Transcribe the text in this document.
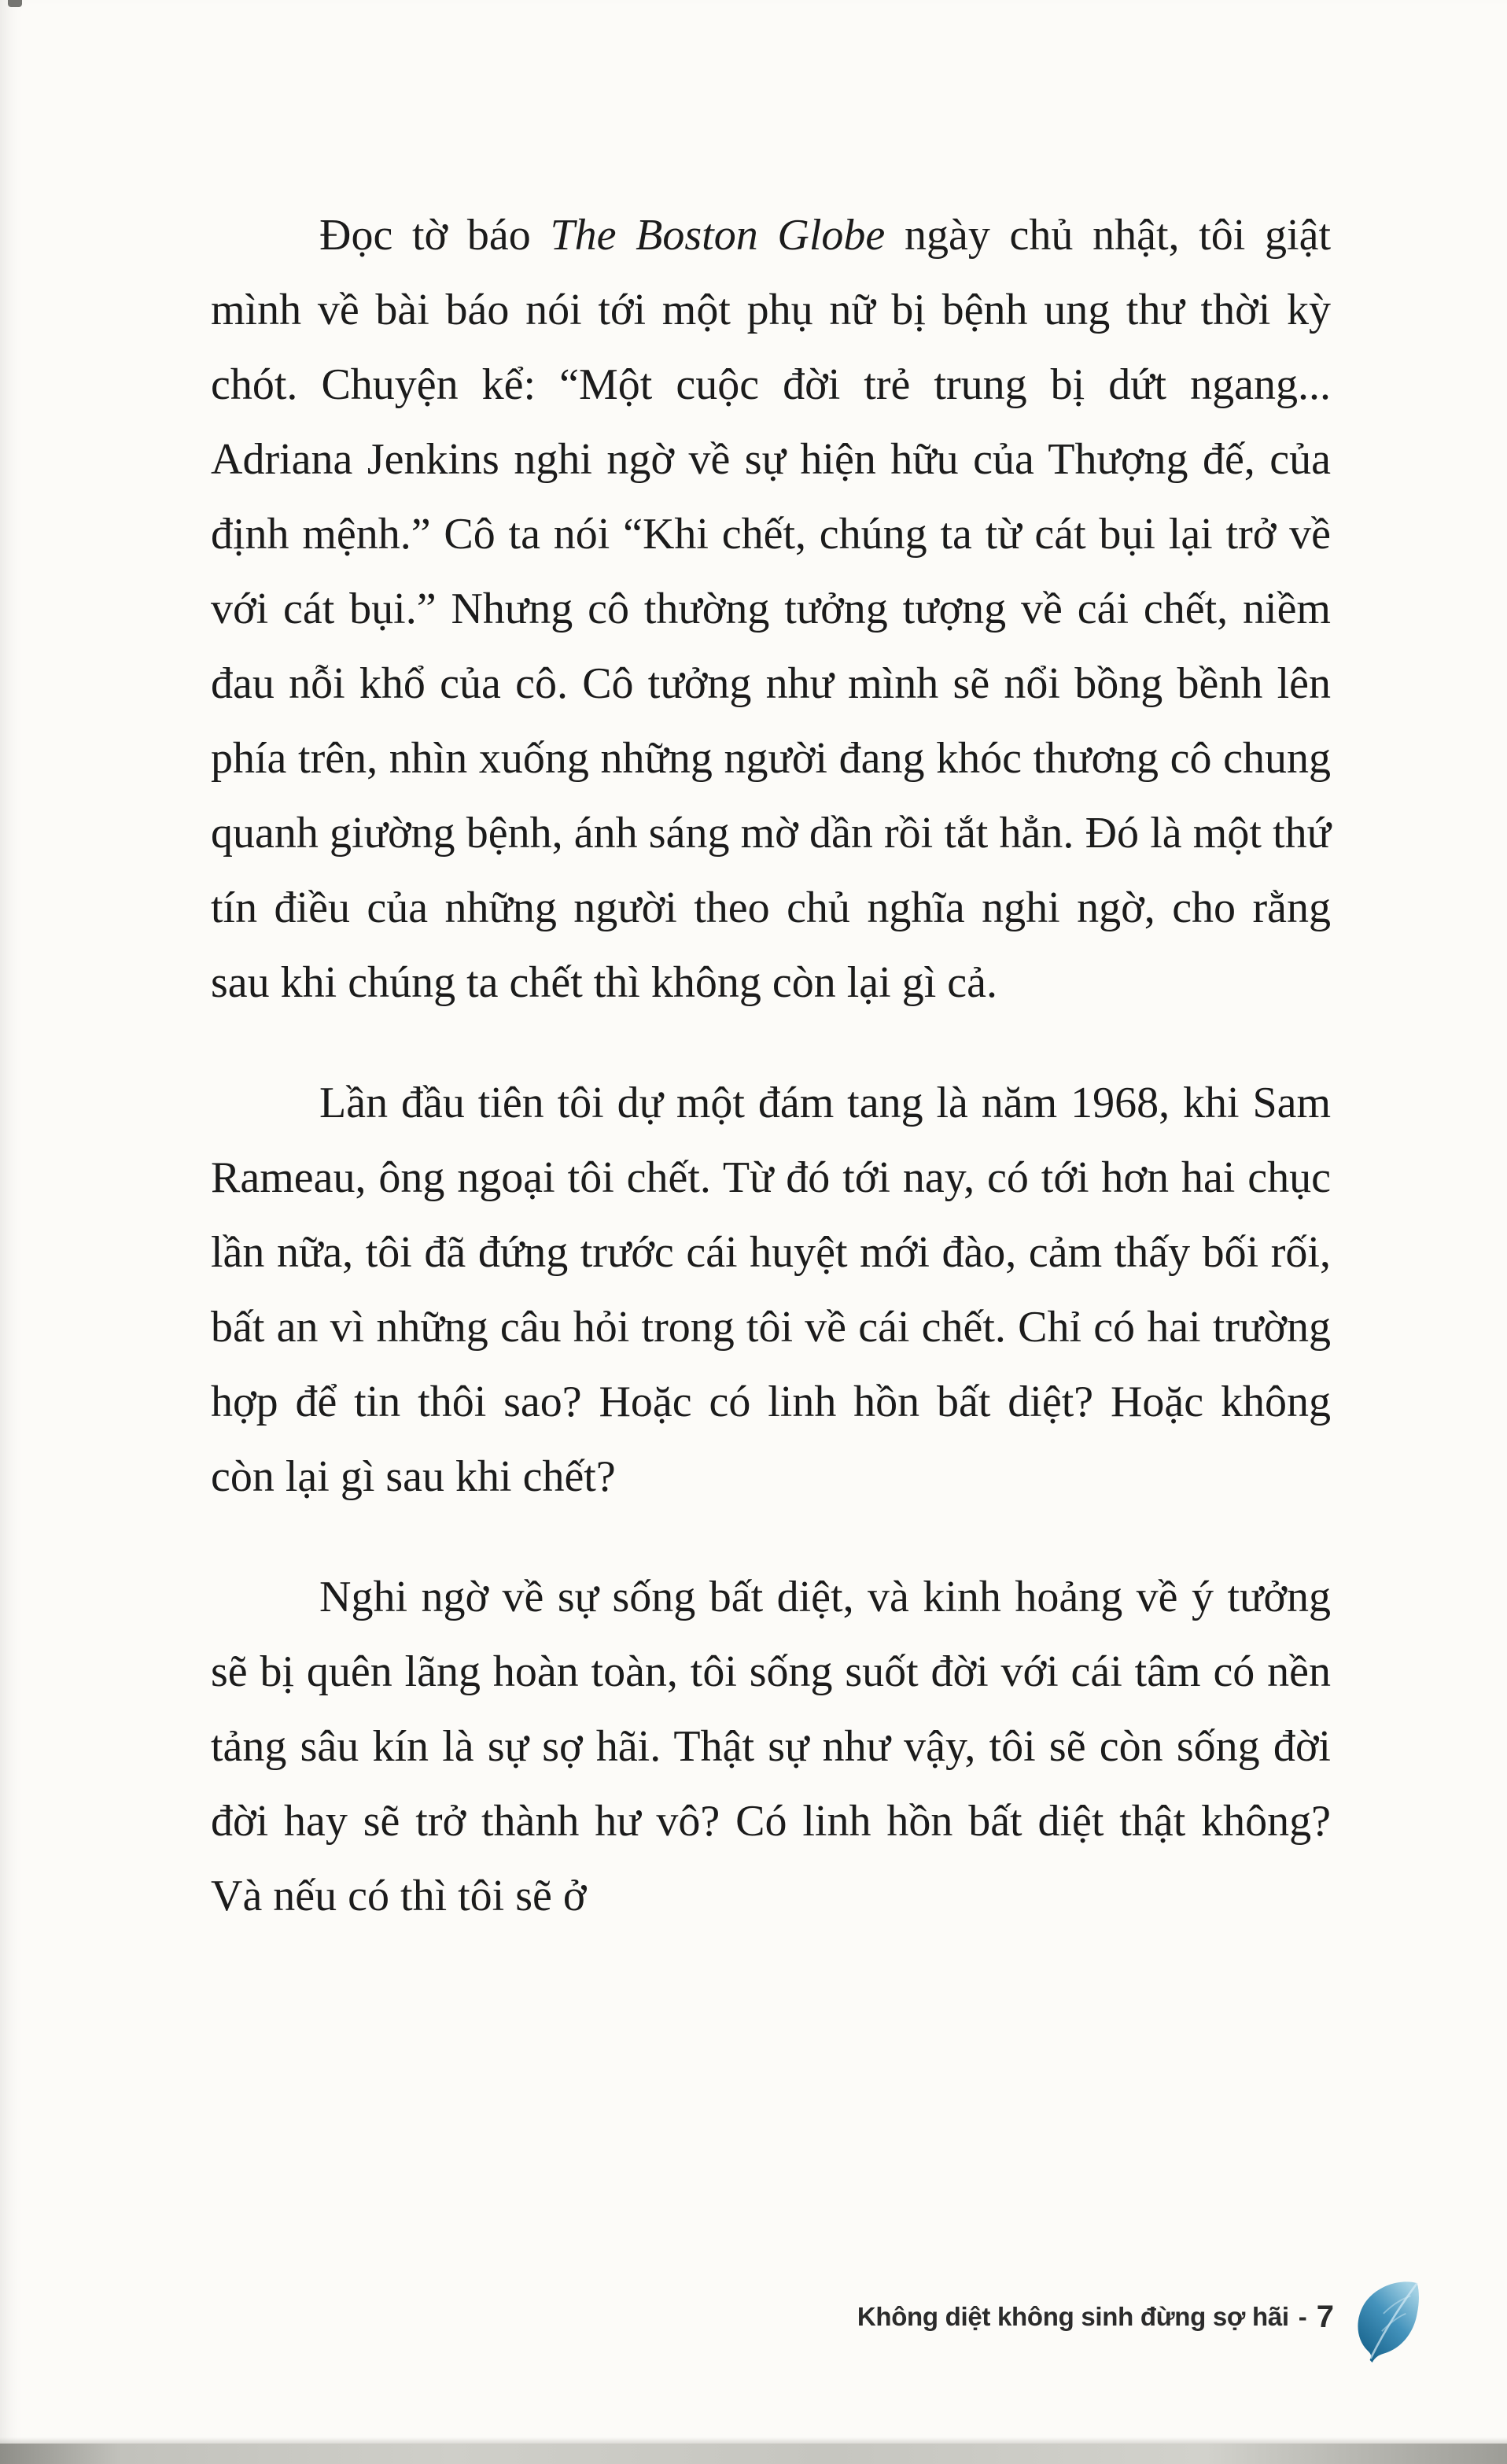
Đọc tờ báo The Boston Globe ngày chủ nhật, tôi giật mình về bài báo nói tới một phụ nữ bị bệnh ung thư thời kỳ chót. Chuyện kể: “Một cuộc đời trẻ trung bị dứt ngang... Adriana Jenkins nghi ngờ về sự hiện hữu của Thượng đế, của định mệnh.” Cô ta nói “Khi chết, chúng ta từ cát bụi lại trở về với cát bụi.” Nhưng cô thường tưởng tượng về cái chết, niềm đau nỗi khổ của cô. Cô tưởng như mình sẽ nổi bồng bềnh lên phía trên, nhìn xuống những người đang khóc thương cô chung quanh giường bệnh, ánh sáng mờ dần rồi tắt hẳn. Đó là một thứ tín điều của những người theo chủ nghĩa nghi ngờ, cho rằng sau khi chúng ta chết thì không còn lại gì cả.

Lần đầu tiên tôi dự một đám tang là năm 1968, khi Sam Rameau, ông ngoại tôi chết. Từ đó tới nay, có tới hơn hai chục lần nữa, tôi đã đứng trước cái huyệt mới đào, cảm thấy bối rối, bất an vì những câu hỏi trong tôi về cái chết. Chỉ có hai trường hợp để tin thôi sao? Hoặc có linh hồn bất diệt? Hoặc không còn lại gì sau khi chết?

Nghi ngờ về sự sống bất diệt, và kinh hoảng về ý tưởng sẽ bị quên lãng hoàn toàn, tôi sống suốt đời với cái tâm có nền tảng sâu kín là sự sợ hãi. Thật sự như vậy, tôi sẽ còn sống đời đời hay sẽ trở thành hư vô? Có linh hồn bất diệt thật không? Và nếu có thì tôi sẽ ở

Không diệt không sinh đừng sợ hãi - 7
